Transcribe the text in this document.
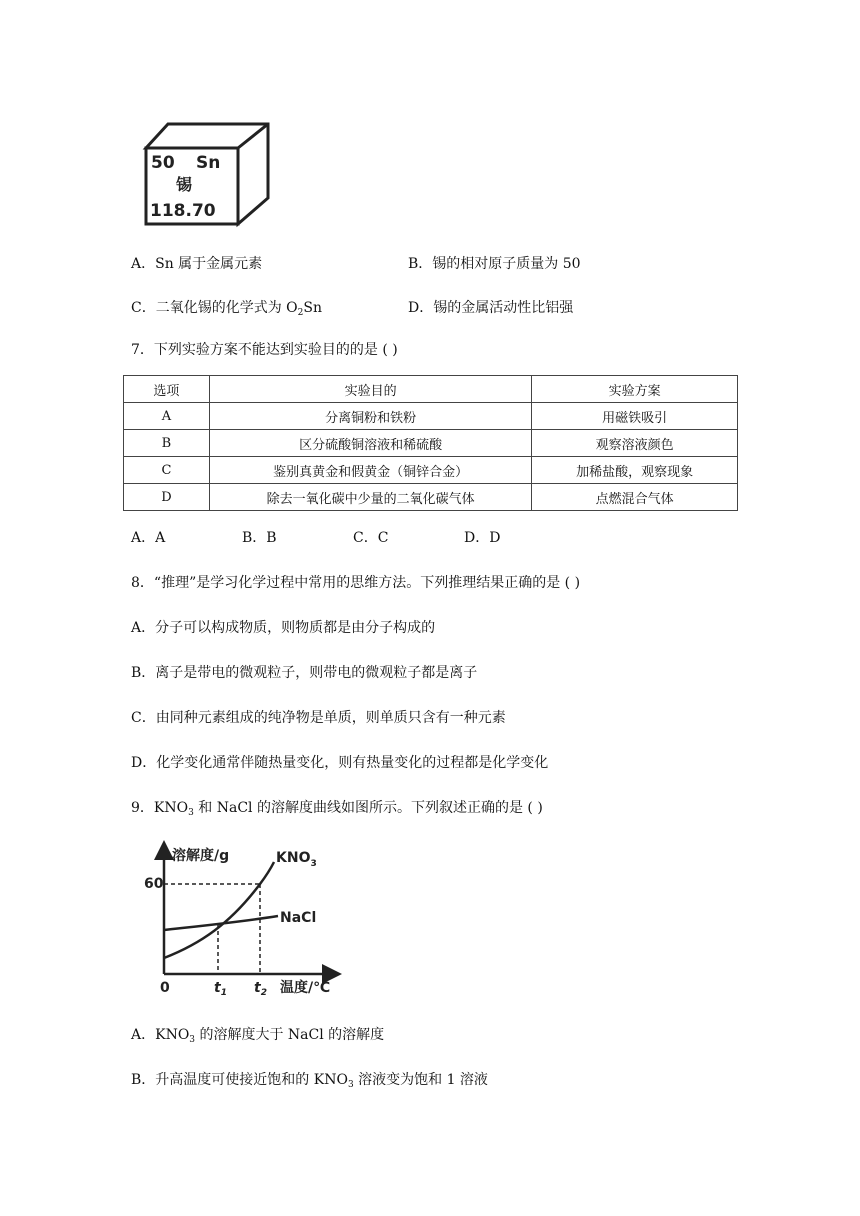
50 Sn
锡
118.70
A．Sn 属于金属元素	B．锡的相对原子质量为 50
C．二氧化锡的化学式为 $O_2Sn$	D．锡的金属活动性比铝强
7．下列实验方案不能达到实验目的的是 ( )
选项	实验目的	实验方案
A	分离铜粉和铁粉	用磁铁吸引
B	区分硫酸铜溶液和稀硫酸	观察溶液颜色
C	鉴别真黄金和假黄金（铜锌合金）	加稀盐酸，观察现象
D	除去一氧化碳中少量的二氧化碳气体	点燃混合气体
A．A	B．B	C．C	D．D
8．“推理”是学习化学过程中常用的思维方法。下列推理结果正确的是 ( )
A．分子可以构成物质，则物质都是由分子构成的
B．离子是带电的微观粒子，则带电的微观粒子都是离子
C．由同种元素组成的纯净物是单质，则单质只含有一种元素
D．化学变化通常伴随热量变化，则有热量变化的过程都是化学变化
9．$KNO_3$ 和 NaCl 的溶解度曲线如图所示。下列叙述正确的是 ( )
溶解度/g	$KNO_3$
NaCl
60
0	$t_1$ $t_2$ 温度/℃
A．$KNO_3$ 的溶解度大于 NaCl 的溶解度
B．升高温度可使接近饱和的 $KNO_3$ 溶液变为饱和 1 溶液
